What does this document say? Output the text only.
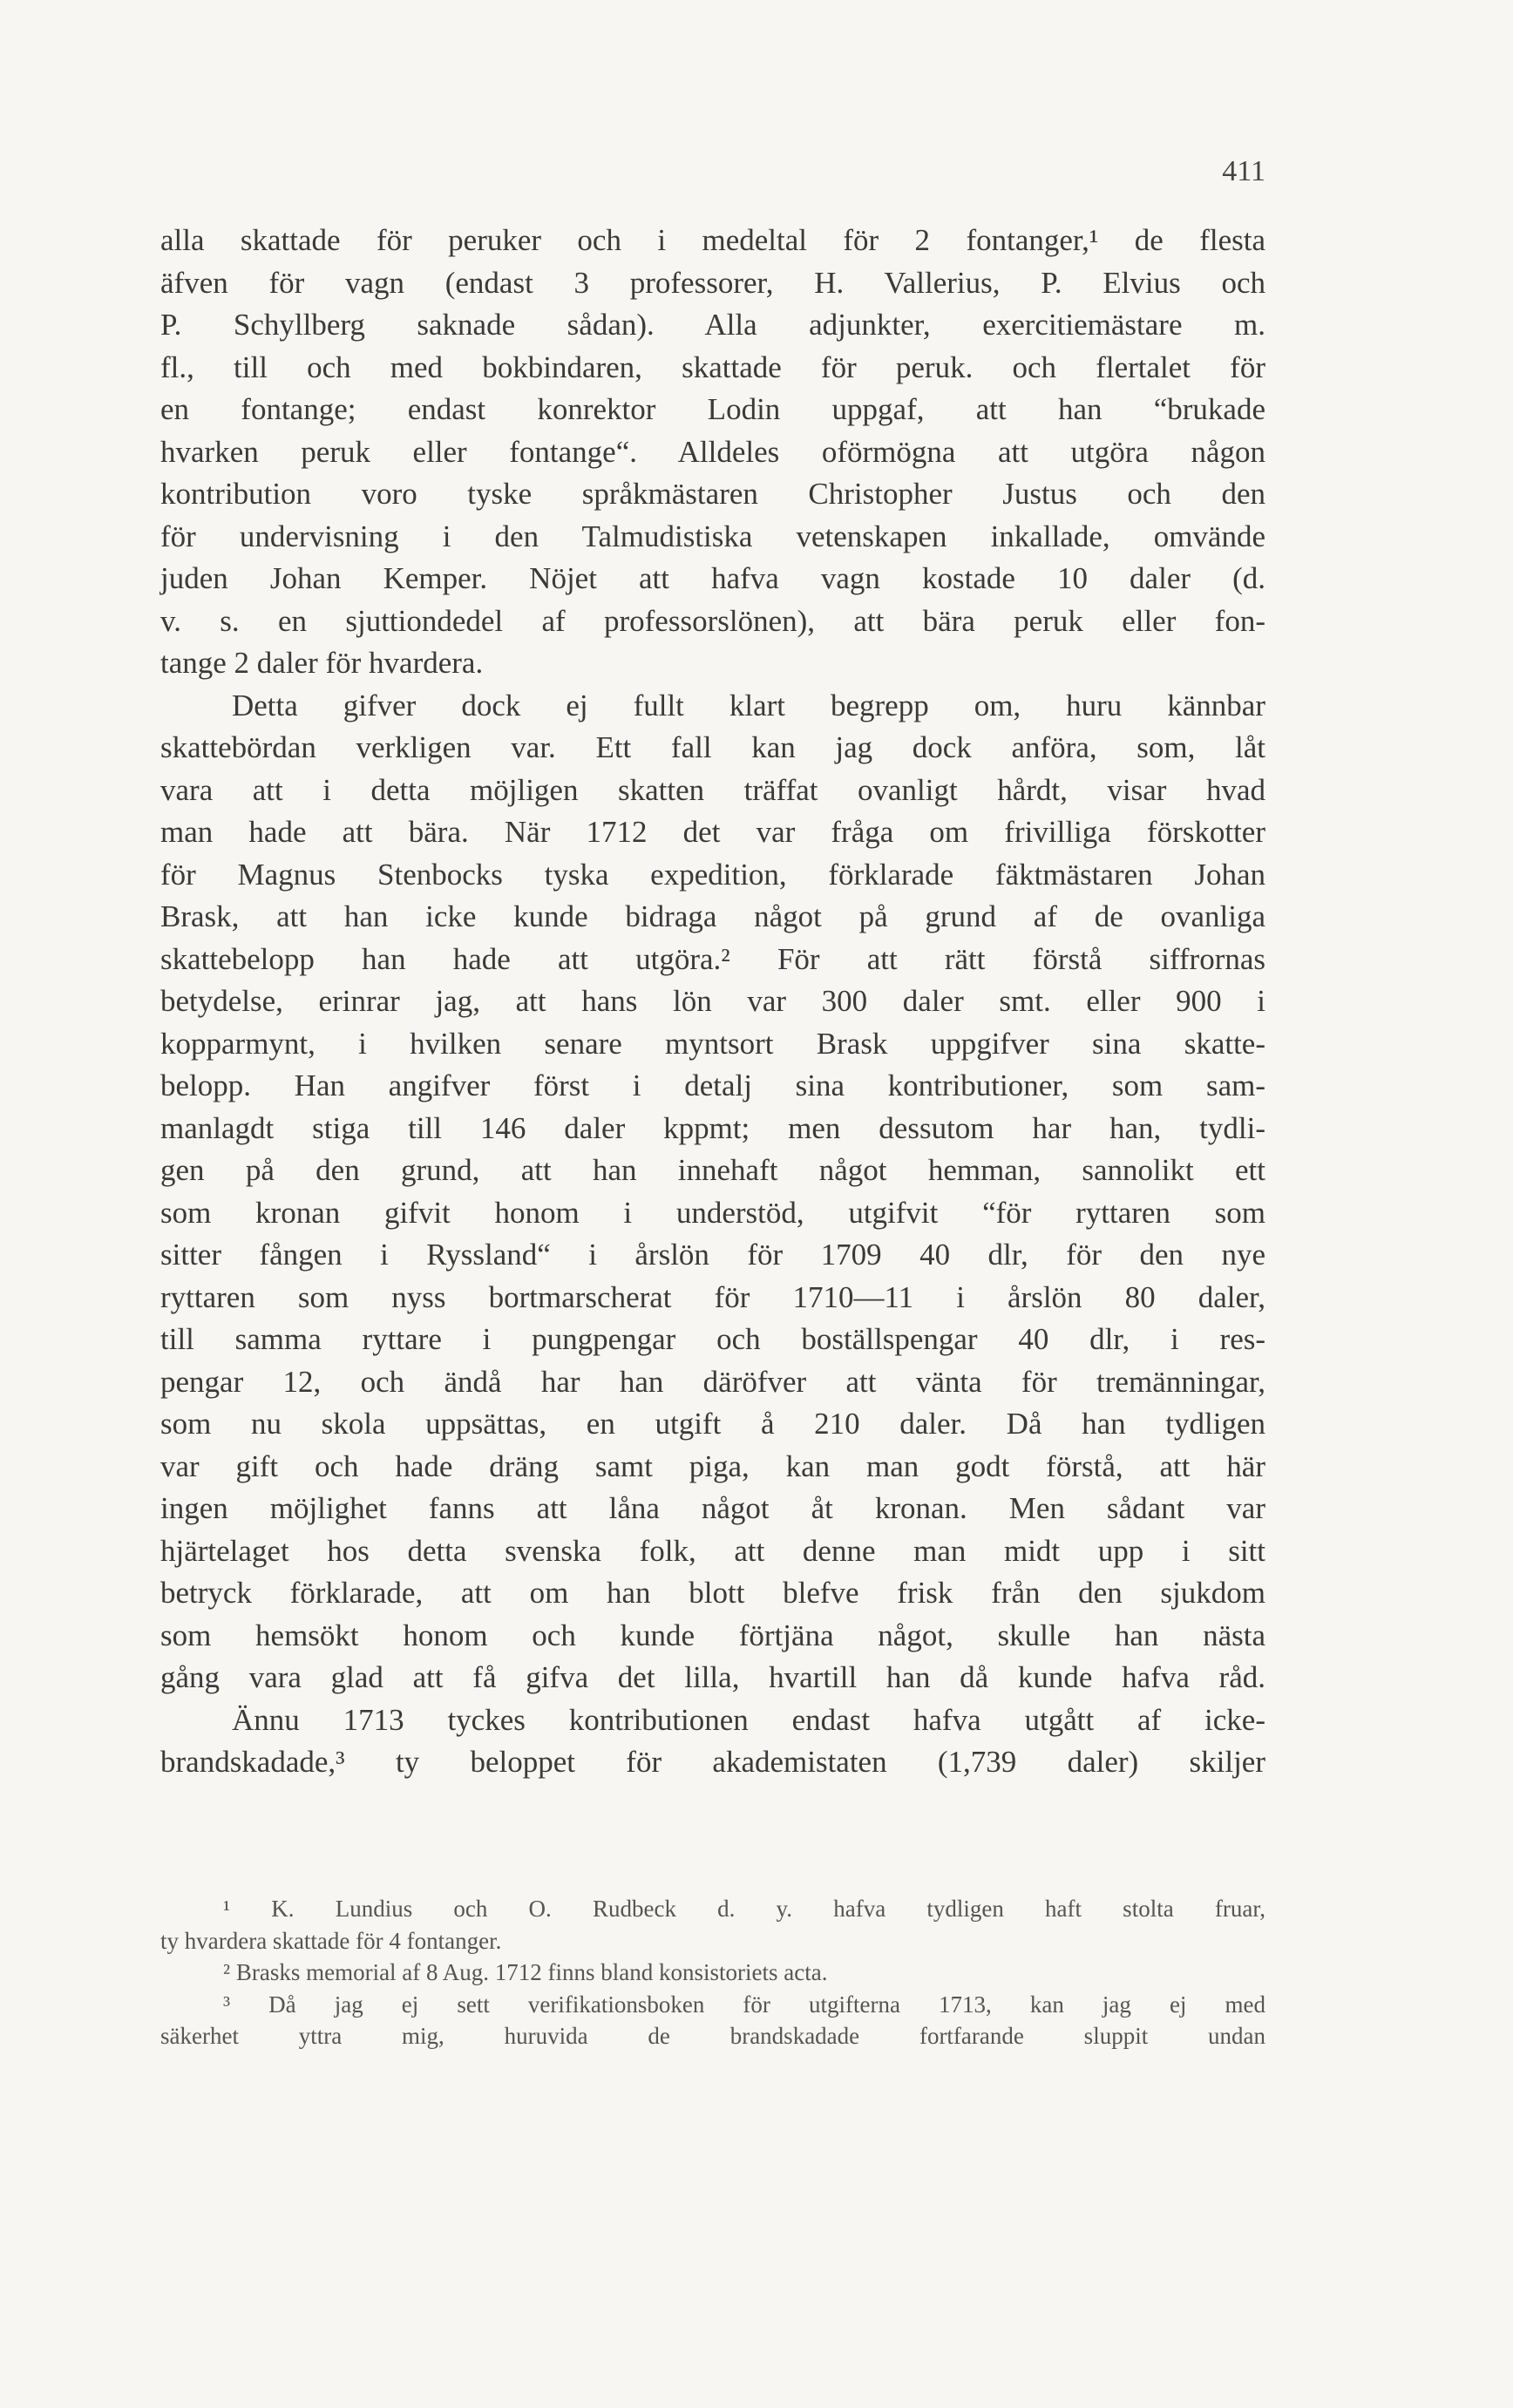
411
alla skattade för peruker och i medeltal för 2 fontanger,¹ de flesta
äfven för vagn (endast 3 professorer, H. Vallerius, P. Elvius och
P. Schyllberg saknade sådan). Alla adjunkter, exercitiemästare m.
fl., till och med bokbindaren, skattade för peruk. och flertalet för
en fontange; endast konrektor Lodin uppgaf, att han “brukade
hvarken peruk eller fontange“. Alldeles oförmögna att utgöra någon
kontribution voro tyske språkmästaren Christopher Justus och den
för undervisning i den Talmudistiska vetenskapen inkallade, omvände
juden Johan Kemper. Nöjet att hafva vagn kostade 10 daler (d.
v. s. en sjuttiondedel af professorslönen), att bära peruk eller fon-
tange 2 daler för hvardera.
Detta gifver dock ej fullt klart begrepp om, huru kännbar
skattebördan verkligen var. Ett fall kan jag dock anföra, som, låt
vara att i detta möjligen skatten träffat ovanligt hårdt, visar hvad
man hade att bära. När 1712 det var fråga om frivilliga förskotter
för Magnus Stenbocks tyska expedition, förklarade fäktmästaren Johan
Brask, att han icke kunde bidraga något på grund af de ovanliga
skattebelopp han hade att utgöra.² För att rätt förstå siffrornas
betydelse, erinrar jag, att hans lön var 300 daler smt. eller 900 i
kopparmynt, i hvilken senare myntsort Brask uppgifver sina skatte-
belopp. Han angifver först i detalj sina kontributioner, som sam-
manlagdt stiga till 146 daler kppmt; men dessutom har han, tydli-
gen på den grund, att han innehaft något hemman, sannolikt ett
som kronan gifvit honom i understöd, utgifvit “för ryttaren som
sitter fången i Ryssland“ i årslön för 1709 40 dlr, för den nye
ryttaren som nyss bortmarscherat för 1710—11 i årslön 80 daler,
till samma ryttare i pungpengar och boställspengar 40 dlr, i res-
pengar 12, och ändå har han däröfver att vänta för tremänningar,
som nu skola uppsättas, en utgift å 210 daler. Då han tydligen
var gift och hade dräng samt piga, kan man godt förstå, att här
ingen möjlighet fanns att låna något åt kronan. Men sådant var
hjärtelaget hos detta svenska folk, att denne man midt upp i sitt
betryck förklarade, att om han blott blefve frisk från den sjukdom
som hemsökt honom och kunde förtjäna något, skulle han nästa
gång vara glad att få gifva det lilla, hvartill han då kunde hafva råd.
Ännu 1713 tyckes kontributionen endast hafva utgått af icke-
brandskadade,³ ty beloppet för akademistaten (1,739 daler) skiljer
¹ K. Lundius och O. Rudbeck d. y. hafva tydligen haft stolta fruar,
ty hvardera skattade för 4 fontanger.
² Brasks memorial af 8 Aug. 1712 finns bland konsistoriets acta.
³ Då jag ej sett verifikationsboken för utgifterna 1713, kan jag ej med
säkerhet yttra mig, huruvida de brandskadade fortfarande sluppit undan
